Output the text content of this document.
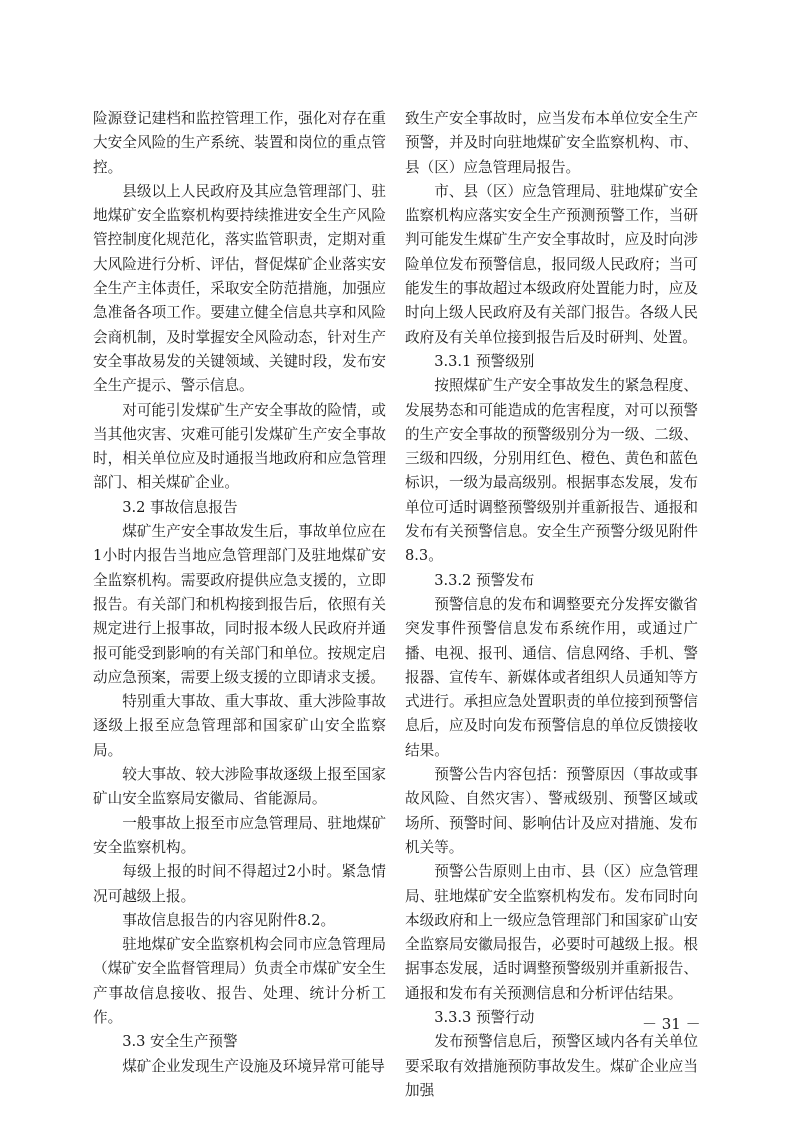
险源登记建档和监控管理工作，强化对存在重大安全风险的生产系统、装置和岗位的重点管控。

县级以上人民政府及其应急管理部门、驻地煤矿安全监察机构要持续推进安全生产风险管控制度化规范化，落实监管职责，定期对重大风险进行分析、评估，督促煤矿企业落实安全生产主体责任，采取安全防范措施，加强应急准备各项工作。要建立健全信息共享和风险会商机制，及时掌握安全风险动态，针对生产安全事故易发的关键领域、关键时段，发布安全生产提示、警示信息。

对可能引发煤矿生产安全事故的险情，或当其他灾害、灾难可能引发煤矿生产安全事故时，相关单位应及时通报当地政府和应急管理部门、相关煤矿企业。

3.2 事故信息报告

煤矿生产安全事故发生后，事故单位应在1小时内报告当地应急管理部门及驻地煤矿安全监察机构。需要政府提供应急支援的，立即报告。有关部门和机构接到报告后，依照有关规定进行上报事故，同时报本级人民政府并通报可能受到影响的有关部门和单位。按规定启动应急预案，需要上级支援的立即请求支援。

特别重大事故、重大事故、重大涉险事故逐级上报至应急管理部和国家矿山安全监察局。

较大事故、较大涉险事故逐级上报至国家矿山安全监察局安徽局、省能源局。

一般事故上报至市应急管理局、驻地煤矿安全监察机构。

每级上报的时间不得超过2小时。紧急情况可越级上报。

事故信息报告的内容见附件8.2。

驻地煤矿安全监察机构会同市应急管理局（煤矿安全监督管理局）负责全市煤矿安全生产事故信息接收、报告、处理、统计分析工作。

3.3 安全生产预警

煤矿企业发现生产设施及环境异常可能导

致生产安全事故时，应当发布本单位安全生产预警，并及时向驻地煤矿安全监察机构、市、县（区）应急管理局报告。

市、县（区）应急管理局、驻地煤矿安全监察机构应落实安全生产预测预警工作，当研判可能发生煤矿生产安全事故时，应及时向涉险单位发布预警信息，报同级人民政府；当可能发生的事故超过本级政府处置能力时，应及时向上级人民政府及有关部门报告。各级人民政府及有关单位接到报告后及时研判、处置。

3.3.1 预警级别

按照煤矿生产安全事故发生的紧急程度、发展势态和可能造成的危害程度，对可以预警的生产安全事故的预警级别分为一级、二级、三级和四级，分别用红色、橙色、黄色和蓝色标识，一级为最高级别。根据事态发展，发布单位可适时调整预警级别并重新报告、通报和发布有关预警信息。安全生产预警分级见附件8.3。

3.3.2 预警发布

预警信息的发布和调整要充分发挥安徽省突发事件预警信息发布系统作用，或通过广播、电视、报刊、通信、信息网络、手机、警报器、宣传车、新媒体或者组织人员通知等方式进行。承担应急处置职责的单位接到预警信息后，应及时向发布预警信息的单位反馈接收结果。

预警公告内容包括：预警原因（事故或事故风险、自然灾害）、警戒级别、预警区域或场所、预警时间、影响估计及应对措施、发布机关等。

预警公告原则上由市、县（区）应急管理局、驻地煤矿安全监察机构发布。发布同时向本级政府和上一级应急管理部门和国家矿山安全监察局安徽局报告，必要时可越级上报。根据事态发展，适时调整预警级别并重新报告、通报和发布有关预测信息和分析评估结果。

3.3.3 预警行动

发布预警信息后，预警区域内各有关单位要采取有效措施预防事故发生。煤矿企业应当加强

－ 31 －
